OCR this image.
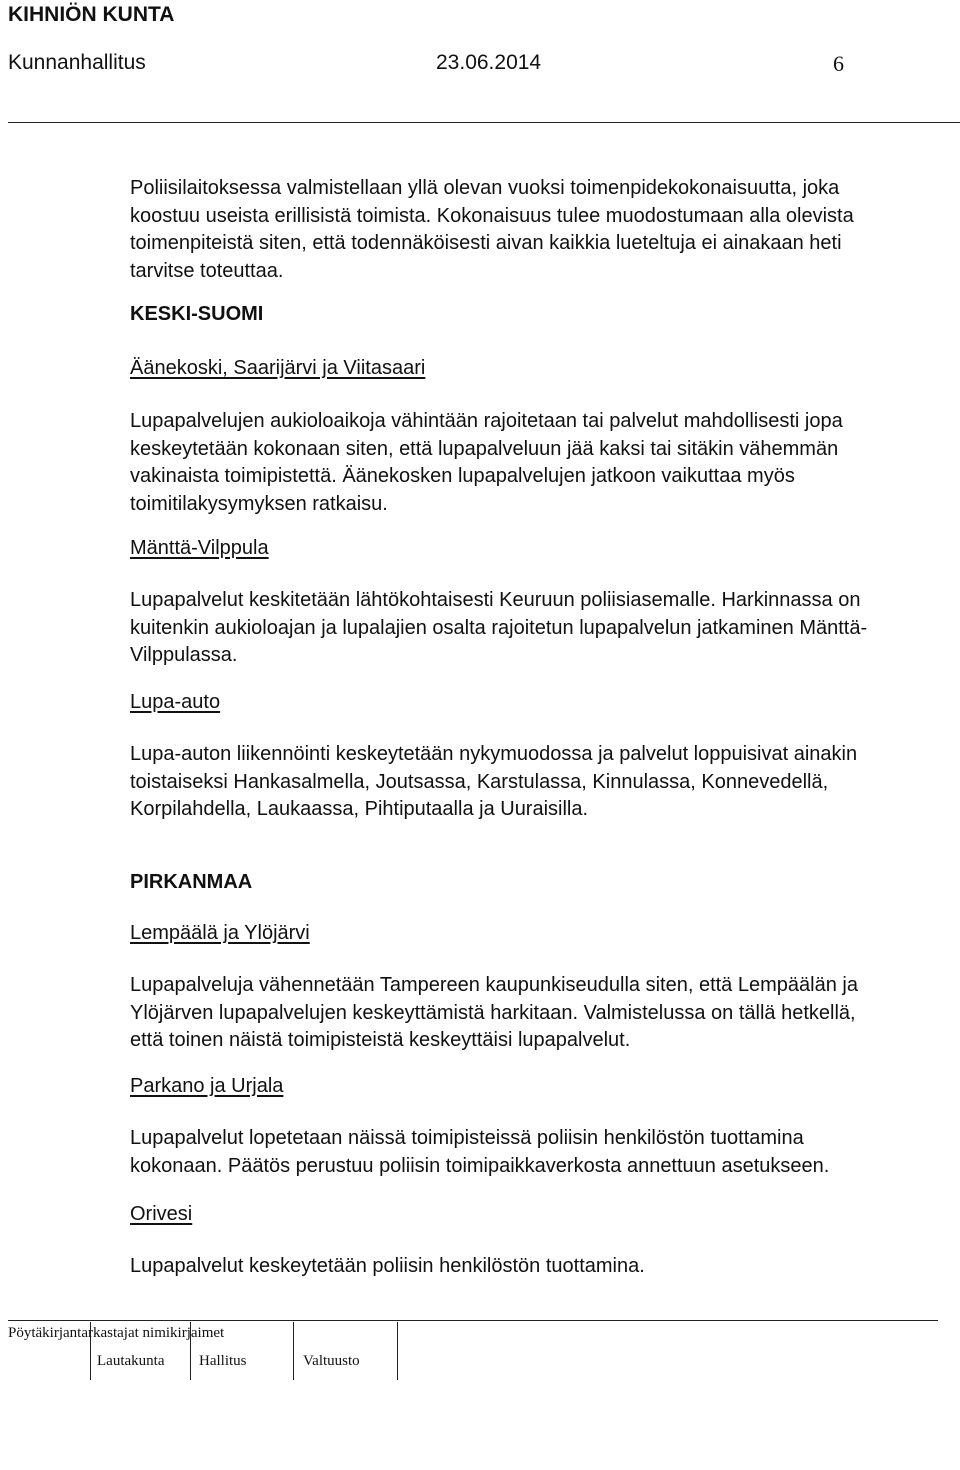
KIHNIÖN KUNTA
Kunnanhallitus	23.06.2014	6
Poliisilaitoksessa valmistellaan yllä olevan vuoksi toimenpidekokonaisuutta, joka
koostuu useista erillisistä toimista. Kokonaisuus tulee muodostumaan alla olevista
toimenpiteistä siten, että todennäköisesti aivan kaikkia lueteltuja ei ainakaan heti
tarvitse toteuttaa.
KESKI-SUOMI
Äänekoski, Saarijärvi ja Viitasaari
Lupapalvelujen aukioloaikoja vähintään rajoitetaan tai palvelut mahdollisesti jopa
keskeytetään kokonaan siten, että lupapalveluun jää kaksi tai sitäkin vähemmän
vakinaista toimipistettä. Äänekosken lupapalvelujen jatkoon vaikuttaa myös
toimitilakysymyksen ratkaisu.
Mänttä-Vilppula
Lupapalvelut keskitetään lähtökohtaisesti Keuruun poliisiasemalle. Harkinnassa on
kuitenkin aukioloajan ja lupalajien osalta rajoitetun lupapalvelun jatkaminen Mänttä-
Vilppulassa.
Lupa-auto
Lupa-auton liikennöinti keskeytetään nykymuodossa ja palvelut loppuisivat ainakin
toistaiseksi Hankasalmella, Joutsassa, Karstulassa, Kinnulassa, Konnevedellä,
Korpilahdella, Laukaassa, Pihtiputaalla ja Uuraisilla.
PIRKANMAA
Lempäälä ja Ylöjärvi
Lupapalveluja vähennetään Tampereen kaupunkiseudulla siten, että Lempäälän ja
Ylöjärven lupapalvelujen keskeyttämistä harkitaan. Valmistelussa on tällä hetkellä,
että toinen näistä toimipisteistä keskeyttäisi lupapalvelut.
Parkano ja Urjala
Lupapalvelut lopetetaan näissä toimipisteissä poliisin henkilöstön tuottamina
kokonaan. Päätös perustuu poliisin toimipaikkaverkosta annettuun asetukseen.
Orivesi
Lupapalvelut keskeytetään poliisin henkilöstön tuottamina.
Pöytäkirjantarkastajat nimikirjaimet
Lautakunta Hallitus	Valtuusto
